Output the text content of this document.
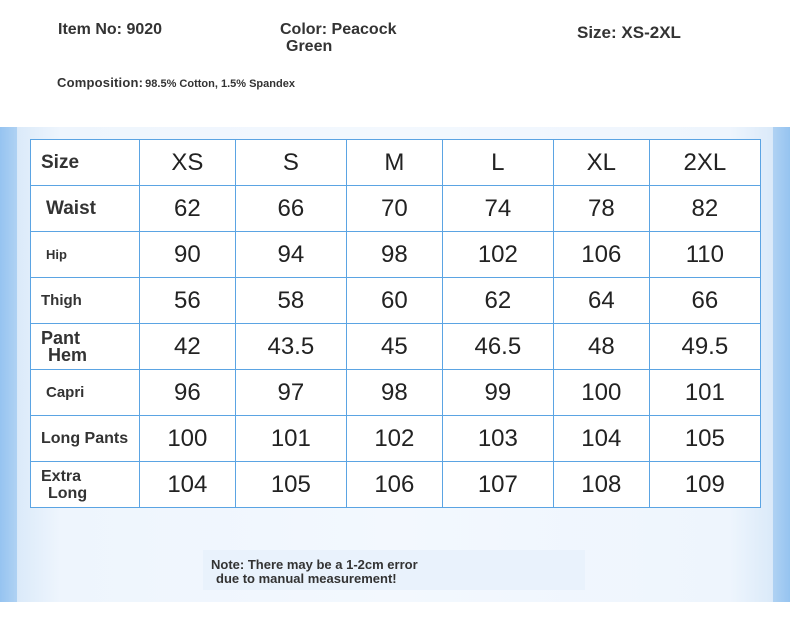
Item No: 9020	Color: Peacock
Green
Size: XS-2XL
Composition: 98.5% Cotton, 1.5% Spandex
Size	XS	S	M	L	XL	2XL

Waist	62	66	70	74	78	82

Hip	90	94	98	102	106	110

Thigh	56	58	60	62	64	66

Pant
Hem	42	43.5	45	46.5	48	49.5

Capri	96	97	98	99	100	101

Long Pants	100	101	102	103	104	105

Extra
Long	104	105	106	107	108	109
Note: There may be a 1-2cm error
due to manual measurement!
